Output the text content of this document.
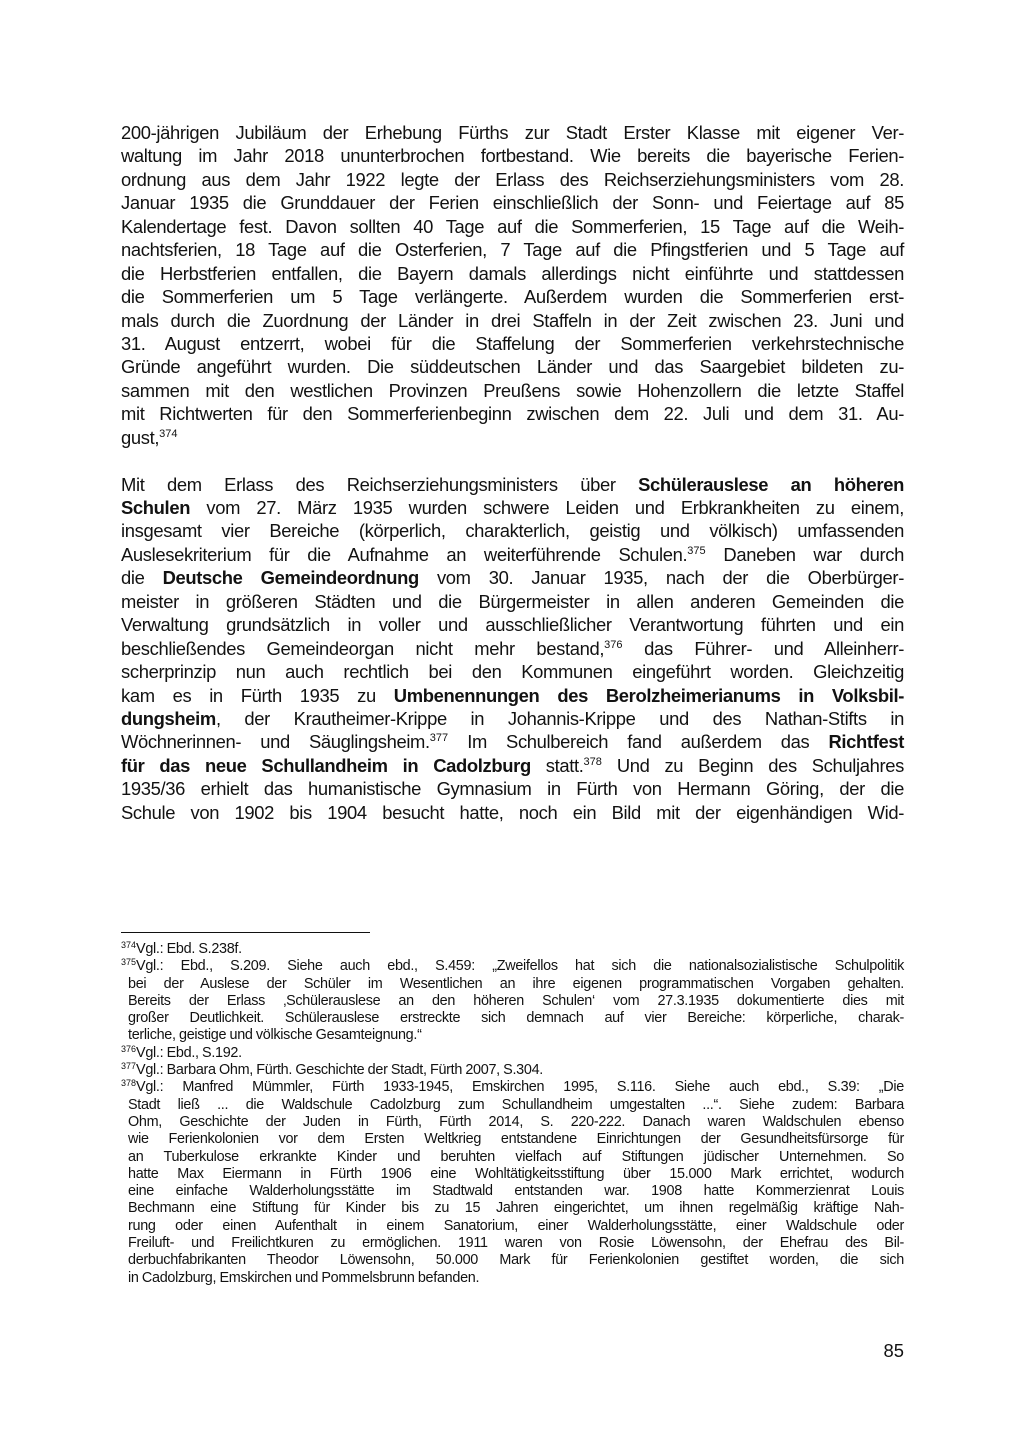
200-jährigen Jubiläum der Erhebung Fürths zur Stadt Erster Klasse mit eigener Ver-
waltung im Jahr 2018 ununterbrochen fortbestand. Wie bereits die bayerische Ferien-
ordnung aus dem Jahr 1922 legte der Erlass des Reichserziehungsministers vom 28.
Januar 1935 die Grunddauer der Ferien einschließlich der Sonn- und Feiertage auf 85
Kalendertage fest. Davon sollten 40 Tage auf die Sommerferien, 15 Tage auf die Weih-
nachtsferien, 18 Tage auf die Osterferien, 7 Tage auf die Pfingstferien und 5 Tage auf
die Herbstferien entfallen, die Bayern damals allerdings nicht einführte und stattdessen
die Sommerferien um 5 Tage verlängerte. Außerdem wurden die Sommerferien erst-
mals durch die Zuordnung der Länder in drei Staffeln in der Zeit zwischen 23. Juni und
31. August entzerrt, wobei für die Staffelung der Sommerferien verkehrstechnische
Gründe angeführt wurden. Die süddeutschen Länder und das Saargebiet bildeten zu-
sammen mit den westlichen Provinzen Preußens sowie Hohenzollern die letzte Staffel
mit Richtwerten für den Sommerferienbeginn zwischen dem 22. Juli und dem 31. Au-
gust,$^{374}$
Mit dem Erlass des Reichserziehungsministers über Schülerauslese an höheren
Schulen vom 27. März 1935 wurden schwere Leiden und Erbkrankheiten zu einem,
insgesamt vier Bereiche (körperlich, charakterlich, geistig und völkisch) umfassenden
Auslesekriterium für die Aufnahme an weiterführende Schulen.$^{375}$ Daneben war durch
die Deutsche Gemeindeordnung vom 30. Januar 1935, nach der die Oberbürger-
meister in größeren Städten und die Bürgermeister in allen anderen Gemeinden die
Verwaltung grundsätzlich in voller und ausschließlicher Verantwortung führten und ein
beschließendes Gemeindeorgan nicht mehr bestand,$^{376}$ das Führer- und Alleinherr-
scherprinzip nun auch rechtlich bei den Kommunen eingeführt worden. Gleichzeitig
kam es in Fürth 1935 zu Umbenennungen des Berolzheimerianums in Volksbil-
dungsheim, der Krautheimer-Krippe in Johannis-Krippe und des Nathan-Stifts in
Wöchnerinnen- und Säuglingsheim.$^{377}$ Im Schulbereich fand außerdem das Richtfest
für das neue Schullandheim in Cadolzburg statt.$^{378}$ Und zu Beginn des Schuljahres
1935/36 erhielt das humanistische Gymnasium in Fürth von Hermann Göring, der die
Schule von 1902 bis 1904 besucht hatte, noch ein Bild mit der eigenhändigen Wid-
$^{374}$Vgl.: Ebd. S.238f.
$^{375}$Vgl.: Ebd., S.209. Siehe auch ebd., S.459: „Zweifellos hat sich die nationalsozialistische Schulpolitik
bei der Auslese der Schüler im Wesentlichen an ihre eigenen programmatischen Vorgaben gehalten.
Bereits der Erlass ‚Schülerauslese an den höheren Schulen‘ vom 27.3.1935 dokumentierte dies mit
großer Deutlichkeit. Schülerauslese erstreckte sich demnach auf vier Bereiche: körperliche, charak-
terliche, geistige und völkische Gesamteignung.“
$^{376}$Vgl.: Ebd., S.192.
$^{377}$Vgl.: Barbara Ohm, Fürth. Geschichte der Stadt, Fürth 2007, S.304.
$^{378}$Vgl.: Manfred Mümmler, Fürth 1933-1945, Emskirchen 1995, S.116. Siehe auch ebd., S.39: „Die
Stadt ließ ... die Waldschule Cadolzburg zum Schullandheim umgestalten ...“. Siehe zudem: Barbara
Ohm, Geschichte der Juden in Fürth, Fürth 2014, S. 220-222. Danach waren Waldschulen ebenso
wie Ferienkolonien vor dem Ersten Weltkrieg entstandene Einrichtungen der Gesundheitsfürsorge für
an Tuberkulose erkrankte Kinder und beruhten vielfach auf Stiftungen jüdischer Unternehmen. So
hatte Max Eiermann in Fürth 1906 eine Wohltätigkeitsstiftung über 15.000 Mark errichtet, wodurch
eine einfache Walderholungsstätte im Stadtwald entstanden war. 1908 hatte Kommerzienrat Louis
Bechmann eine Stiftung für Kinder bis zu 15 Jahren eingerichtet, um ihnen regelmäßig kräftige Nah-
rung oder einen Aufenthalt in einem Sanatorium, einer Walderholungsstätte, einer Waldschule oder
Freiluft- und Freilichtkuren zu ermöglichen. 1911 waren von Rosie Löwensohn, der Ehefrau des Bil-
derbuchfabrikanten Theodor Löwensohn, 50.000 Mark für Ferienkolonien gestiftet worden, die sich
in Cadolzburg, Emskirchen und Pommelsbrunn befanden.
85
